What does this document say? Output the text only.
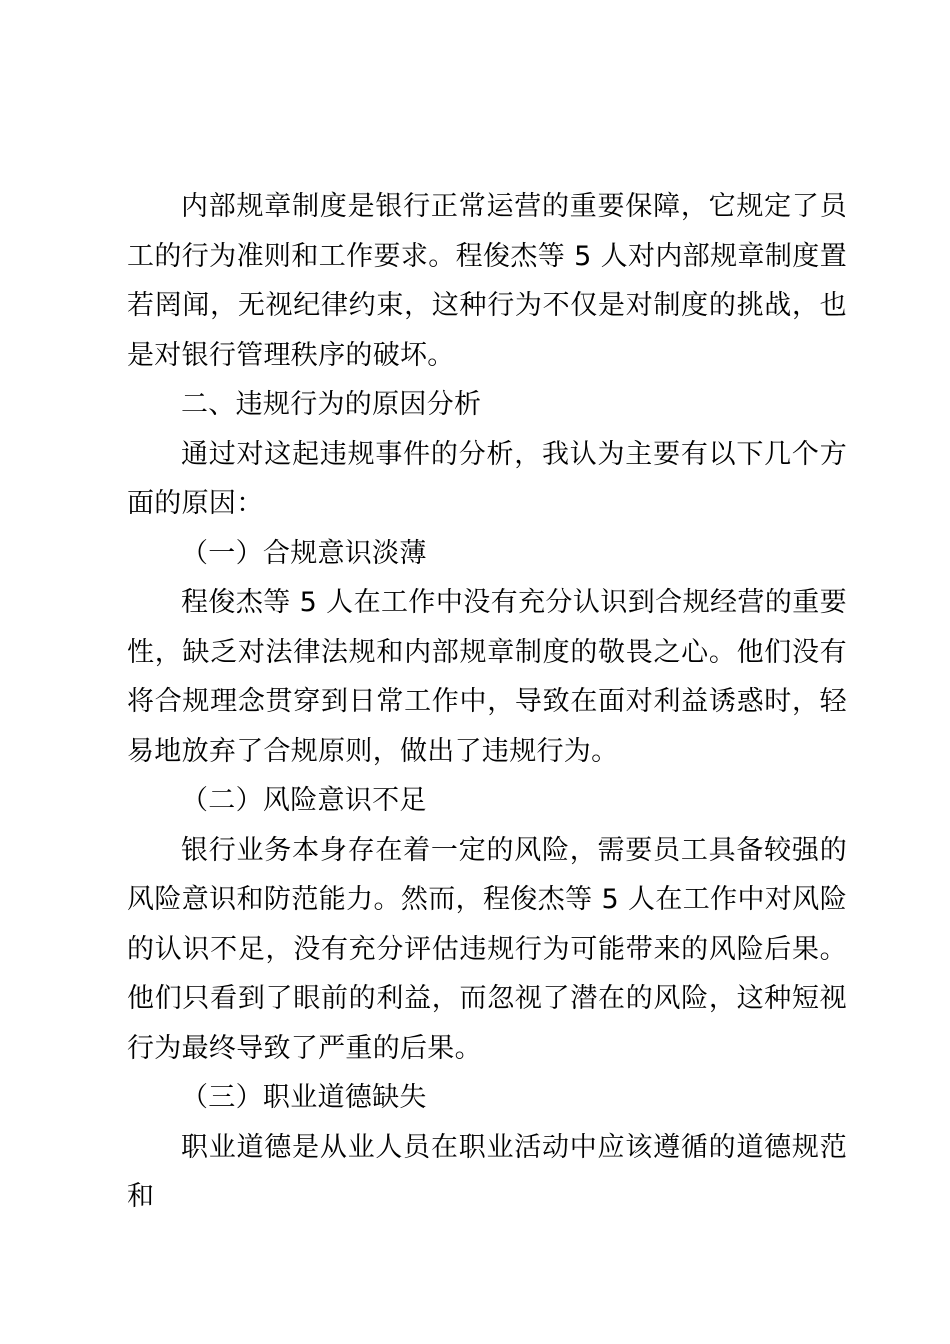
内部规章制度是银行正常运营的重要保障，它规定了员工的行为准则和工作要求。程俊杰等 5 人对内部规章制度置若罔闻，无视纪律约束，这种行为不仅是对制度的挑战，也是对银行管理秩序的破坏。

二、违规行为的原因分析

通过对这起违规事件的分析，我认为主要有以下几个方面的原因：

（一）合规意识淡薄

程俊杰等 5 人在工作中没有充分认识到合规经营的重要性，缺乏对法律法规和内部规章制度的敬畏之心。他们没有将合规理念贯穿到日常工作中，导致在面对利益诱惑时，轻易地放弃了合规原则，做出了违规行为。

（二）风险意识不足

银行业务本身存在着一定的风险，需要员工具备较强的风险意识和防范能力。然而，程俊杰等 5 人在工作中对风险的认识不足，没有充分评估违规行为可能带来的风险后果。他们只看到了眼前的利益，而忽视了潜在的风险，这种短视行为最终导致了严重的后果。

（三）职业道德缺失

职业道德是从业人员在职业活动中应该遵循的道德规范和
